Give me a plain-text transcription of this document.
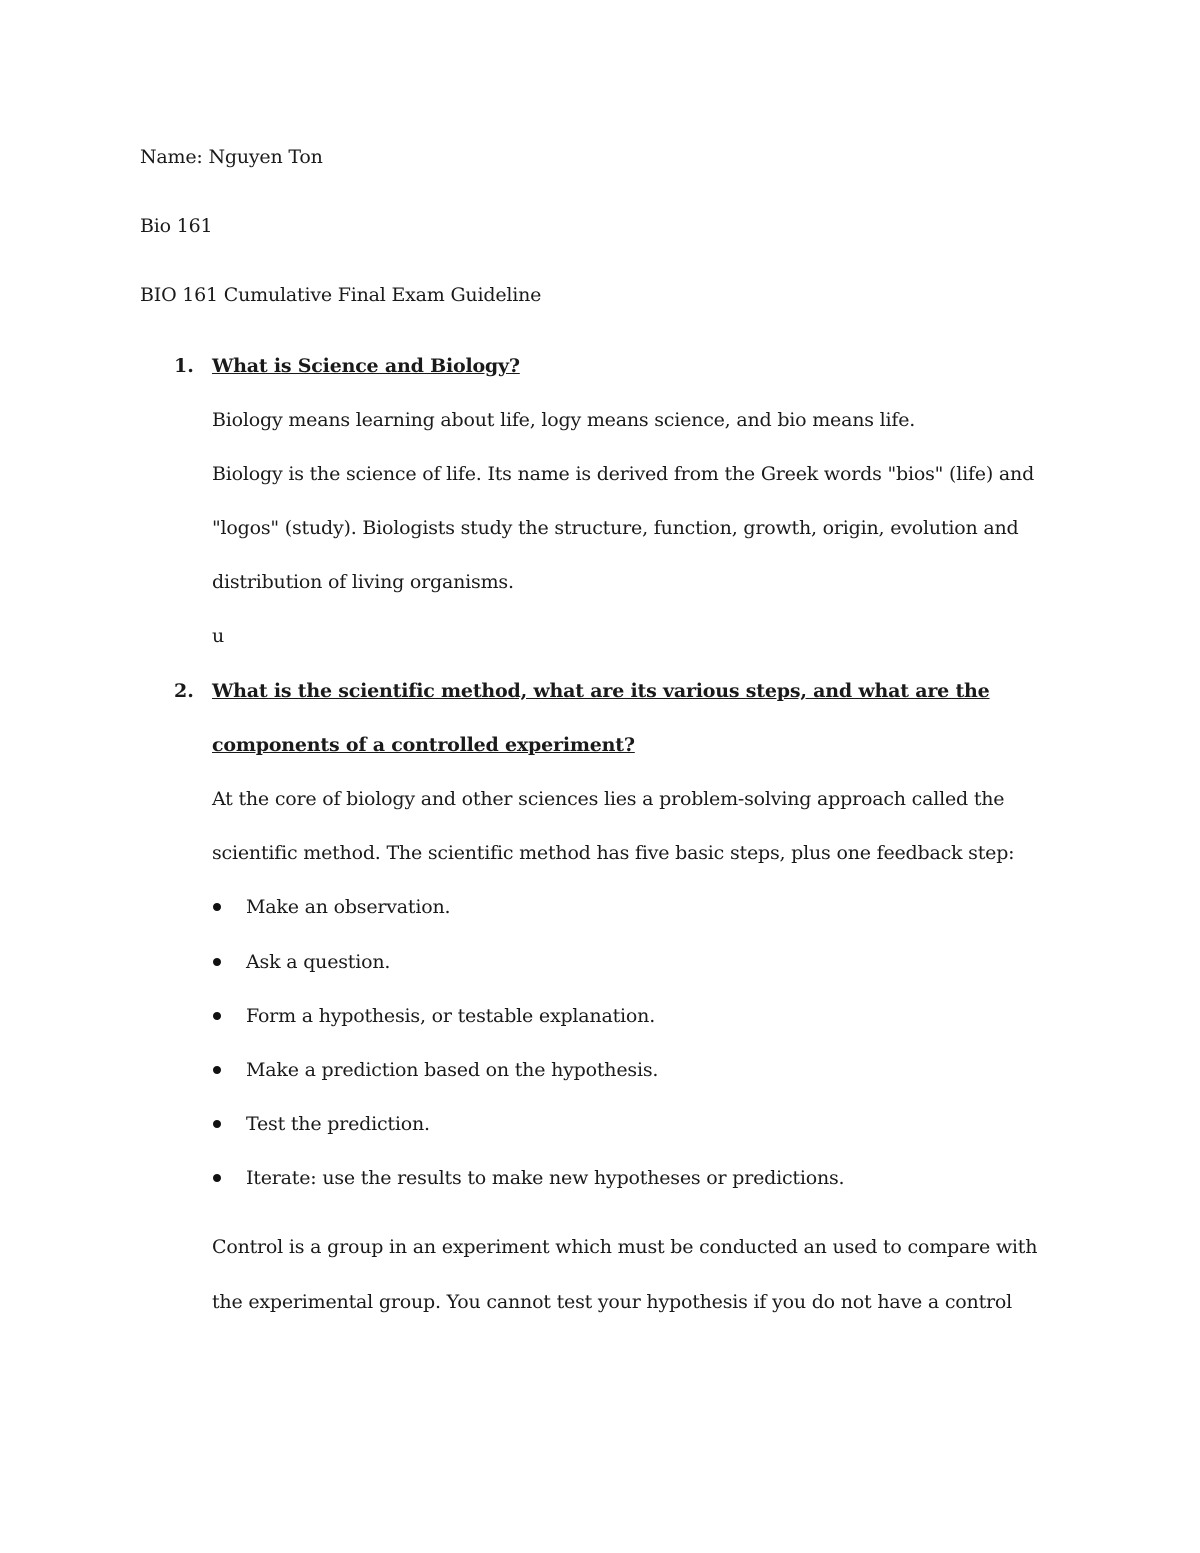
Name: Nguyen Ton
Bio 161
BIO 161 Cumulative Final Exam Guideline
1. What is Science and Biology?
Biology means learning about life, logy means science, and bio means life.
Biology is the science of life. Its name is derived from the Greek words "bios" (life) and
"logos" (study). Biologists study the structure, function, growth, origin, evolution and
distribution of living organisms.
u
2. What is the scientific method, what are its various steps, and what are the
components of a controlled experiment?
At the core of biology and other sciences lies a problem-solving approach called the
scientific method. The scientific method has five basic steps, plus one feedback step:
Make an observation.
Ask a question.
Form a hypothesis, or testable explanation.
Make a prediction based on the hypothesis.
Test the prediction.
Iterate: use the results to make new hypotheses or predictions.
Control is a group in an experiment which must be conducted an used to compare with
the experimental group. You cannot test your hypothesis if you do not have a control
